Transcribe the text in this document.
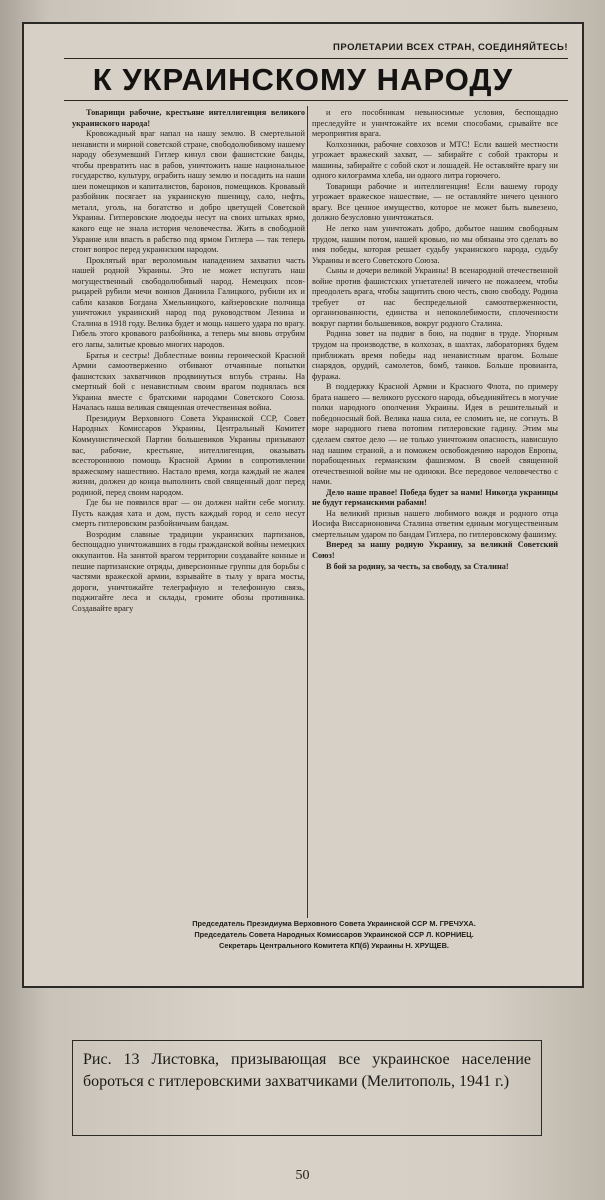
ПРОЛЕТАРИИ ВСЕХ СТРАН, СОЕДИНЯЙТЕСЬ!
К УКРАИНСКОМУ НАРОДУ

Товарищи рабочие, крестьяне интеллигенция великого украинского народа!

Кровожадный враг напал на нашу землю. В смертельной ненависти и мирной советской стране, свободолюбивому нашему народу обезумевший Гитлер кинул свои фашистские банды, чтобы превратить нас в рабов, уничтожить наше национальное государство, культуру, ограбить нашу землю и посадить на наши шеи помещиков и капиталистов, баронов, помещиков. Кровавый разбойник посягает на украинскую пшеницу, сало, нефть, металл, уголь, на богатство и добро цветущей Советской Украины. Гитлеровские людоеды несут на своих штыках ярмо, какого еще не знала история человечества. Жить в свободной Украине или впасть в рабство под ярмом Гитлера — так теперь стоит вопрос перед украинским народом.

Проклятый враг вероломным нападением захватил часть нашей родной Украины. Это не может испугать наш могущественный свободолюбивый народ. Немецких псов-рыцарей рубили мечи воинов Даниила Галицкого, рубили их и сабли казаков Богдана Хмельницкого, кайзеровские полчища уничтожил украинский народ под руководством Ленина и Сталина в 1918 году. Велика будет и мощь нашего удара по врагу. Гибель этого кровавого разбойника, а теперь мы вновь отрубим его лапы, залитые кровью многих народов.

Братья и сестры! Доблестные воины героической Красной Армии самоотверженно отбивают отчаянные попытки фашистских захватчиков продвинуться вглубь страны. На смертный бой с ненавистным своим врагом поднялась вся Украина вместе с братскими народами Советского Союза. Началась наша великая священная отечественная война.

Президиум Верховного Совета Украинской ССР, Совет Народных Комиссаров Украины, Центральный Комитет Коммунистической Партии большевиков Украины призывают вас, рабочие, крестьяне, интеллигенция, оказывать всестороннюю помощь Красной Армии в сопротивлении вражескому нашествию. Настало время, когда каждый не жалея жизни, должен до конца выполнить свой священный долг перед родиной, перед своим народом.

Где бы не появился враг — он должен найти себе могилу. Пусть каждая хата и дом, пусть каждый город и село несут смерть гитлеровским разбойничьим бандам.

Возродим славные традиции украинских партизанов, беспощадно уничтожавших в годы гражданской войны немецких оккупантов. На занятой врагом территории создавайте конные и пешие партизанские отряды, диверсионные группы для борьбы с частями вражеской армии, взрывайте в тылу у врага мосты, дороги, уничтожайте телеграфную и телефонную связь, поджигайте леса и склады, громите обозы противника. Создавайте врагу

и его пособникам невыносимые условия, беспощадно преследуйте и уничтожайте их всеми способами, срывайте все мероприятия врага.

Колхозники, рабочие совхозов и МТС! Если вашей местности угрожает вражеский захват, — забирайте с собой тракторы и машины, забирайте с собой скот и лошадей. Не оставляйте врагу ни одного килограмма хлеба, ни одного литра горючего.

Товарищи рабочие и интеллигенция! Если вашему городу угрожает вражеское нашествие, — не оставляйте ничего ценного врагу. Все ценное имущество, которое не может быть вывезено, должно безусловно уничтожаться.

Не легко нам уничтожать добро, добытое нашим свободным трудом, нашим потом, нашей кровью, но мы обязаны это сделать во имя победы, которая решает судьбу украинского народа, судьбу Украины и всего Советского Союза.

Сыны и дочери великой Украины! В всенародной отечественной войне против фашистских угнетателей ничего не пожалеем, чтобы преодолеть врага, чтобы защитить свою честь, свою свободу. Родина требует от нас беспредельной самоотверженности, организованности, единства и непоколебимости, сплоченности вокруг партии большевиков, вокруг родного Сталина.

Родина зовет на подвиг в бою, на подвиг в труде. Упорным трудом на производстве, в колхозах, в шахтах, лабораториях будем приближать время победы над ненавистным врагом. Больше снарядов, орудий, самолетов, бомб, танков. Больше провианта, фуража.

В поддержку Красной Армии и Красного Флота, по примеру брата нашего — великого русского народа, объединяйтесь в могучие полки народного ополчения Украины. Идея в решительный и победоносный бой. Велика наша сила, ее сломить не, не согнуть. В море народного гнева потопим гитлеровские гадину. Этим мы сделаем святое дело — не только уничтожим опасность, нависшую над нашим страной, а и поможем освобождению народов Европы, порабощенных германским фашизмом. В своей священной отечественной войне мы не одиноки. Все передовое человечество с нами.

Дело наше правое! Победа будет за нами! Никогда украинцы не будут германскими рабами!

На великий призыв нашего любимого вождя и родного отца Иосифа Виссарионовича Сталина ответим единым могущественным смертельным ударом по бандам Гитлера, по гитлеровскому фашизму.

Вперед за нашу родную Украину, за великий Советский Союз!

В бой за родину, за честь, за свободу, за Сталина!

Председатель Президиума Верховного Совета Украинской ССР М. ГРЕЧУХА.
Председатель Совета Народных Комиссаров Украинской ССР Л. КОРНИЕЦ.
Секретарь Центрального Комитета КП(б) Украины Н. ХРУЩЕВ.
Рис. 13 Листовка, призывающая все украинское население бороться с гитлеровскими захватчиками (Мелитополь, 1941 г.)
50
